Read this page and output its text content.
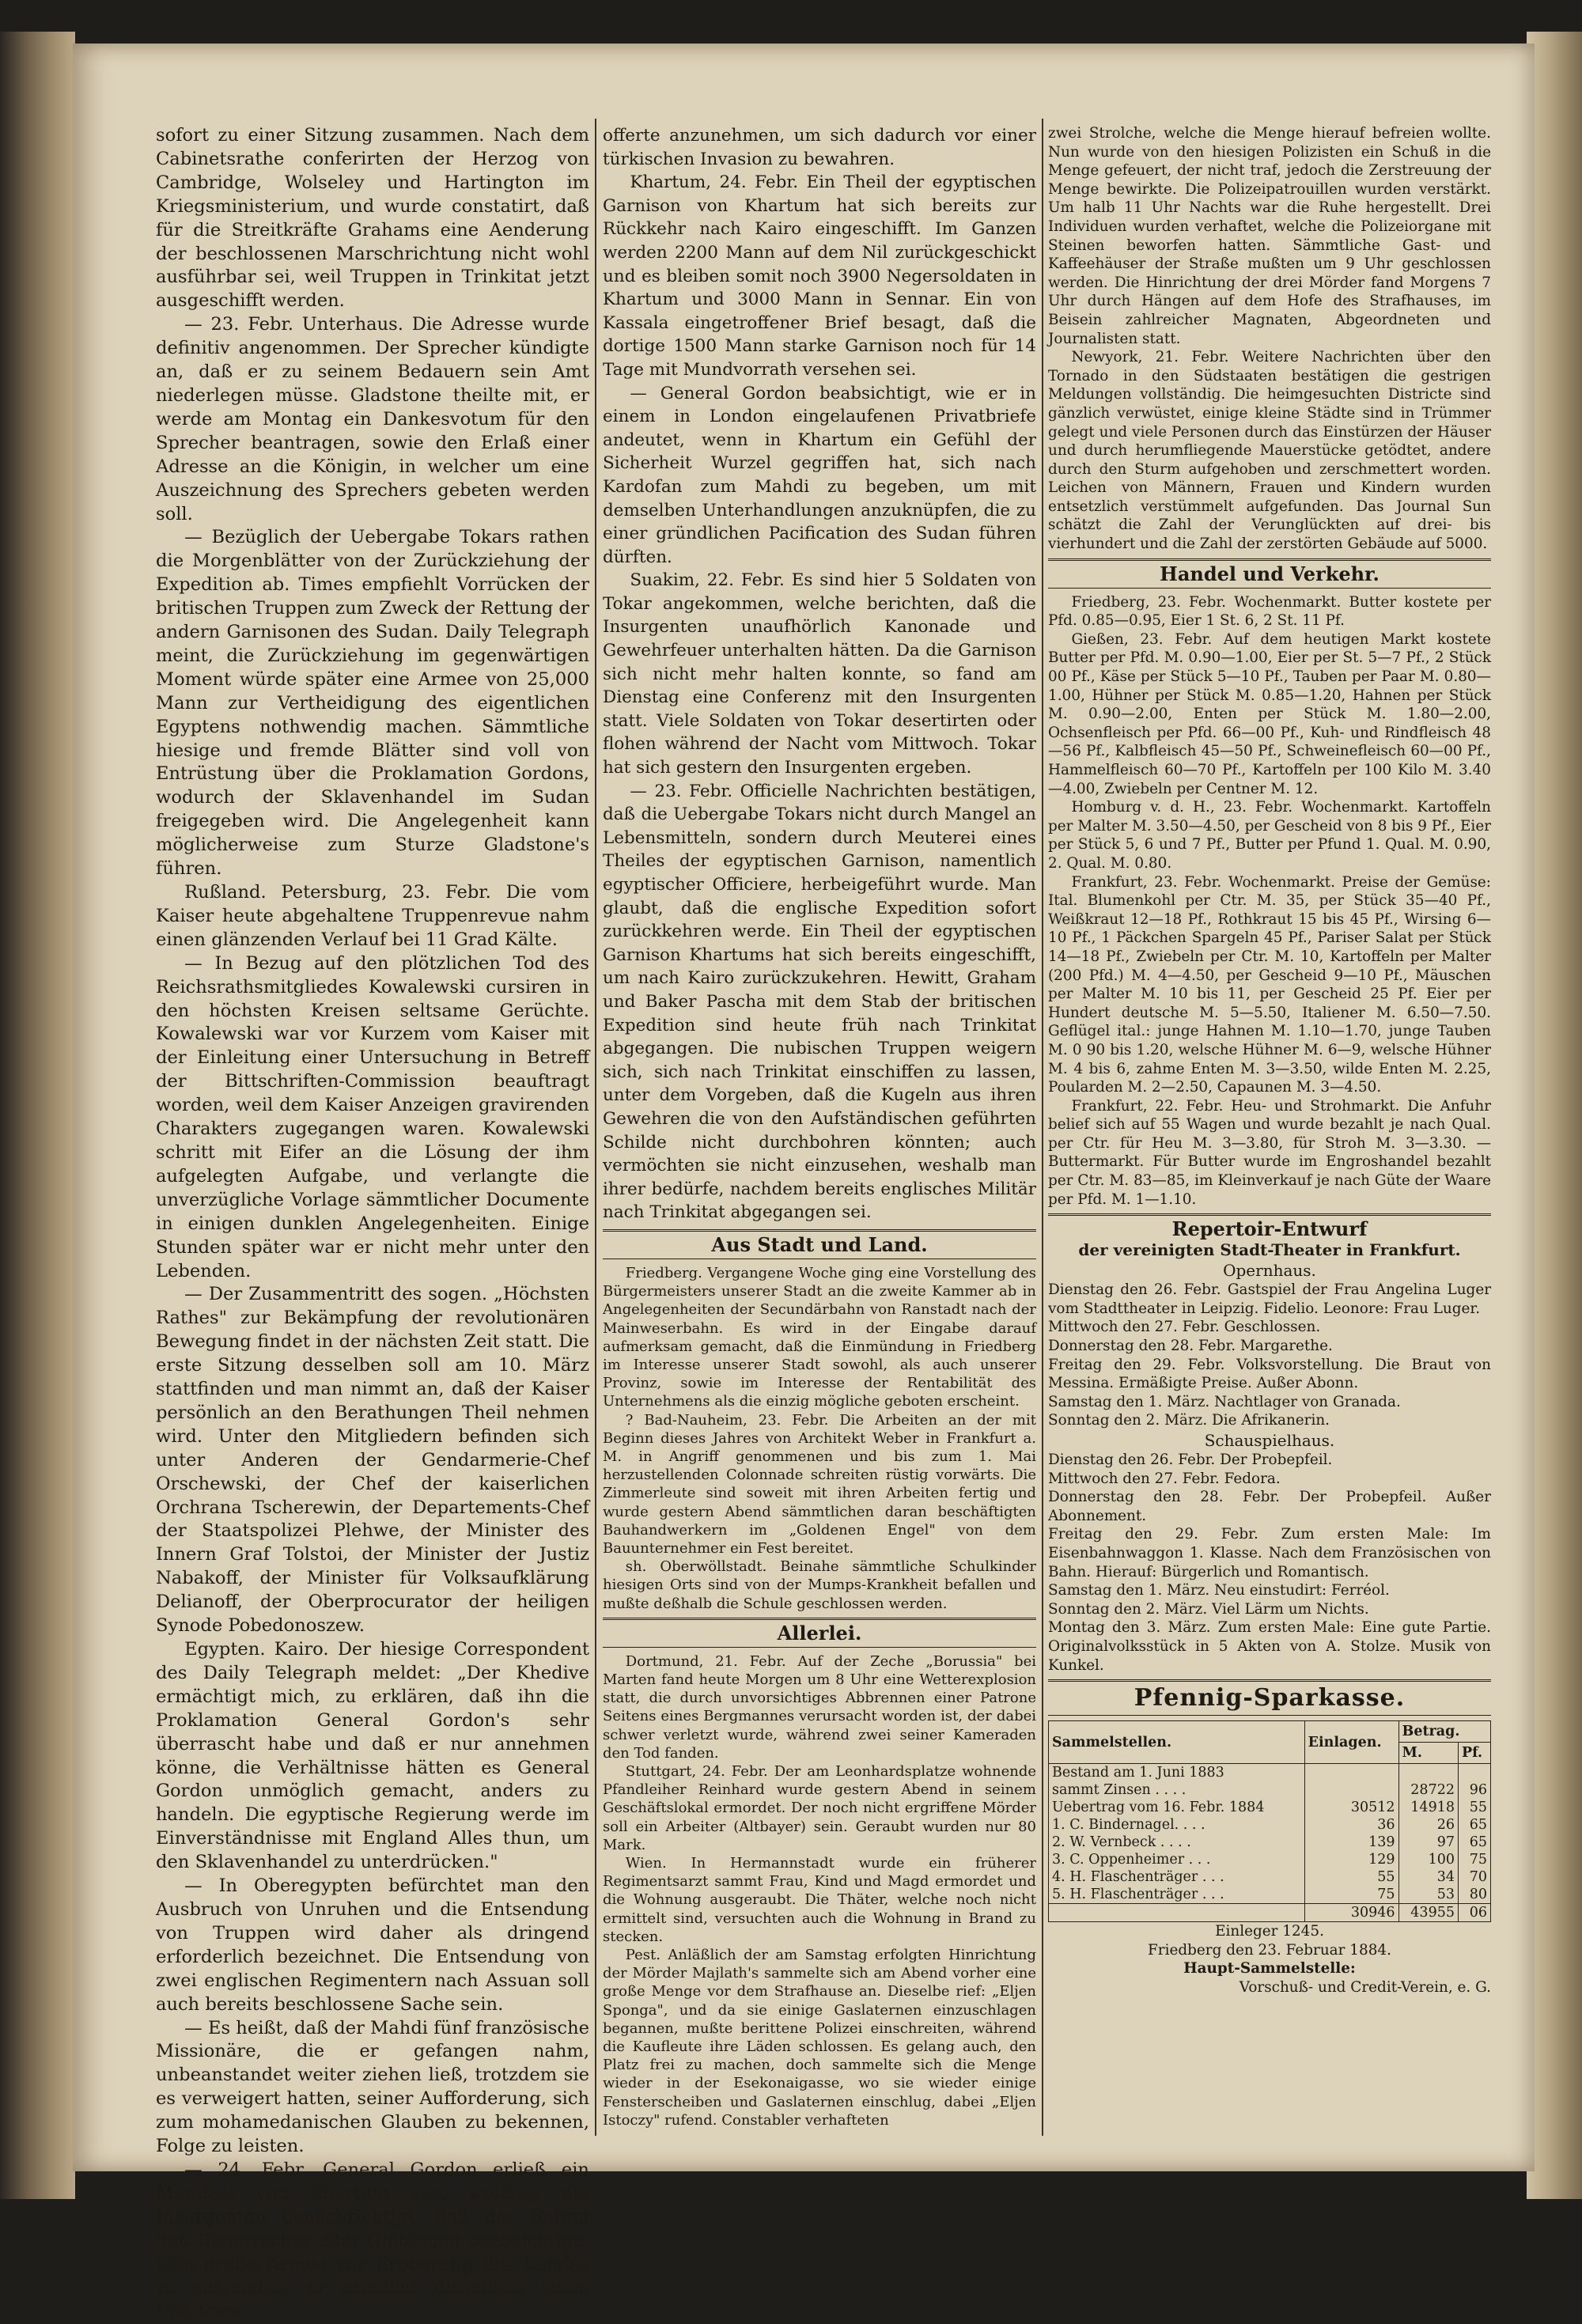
sofort zu einer Sitzung zusammen. Nach dem Cabinetsrathe conferirten der Herzog von Cambridge, Wolseley und Hartington im Kriegsministerium, und wurde constatirt, daß für die Streitkräfte Grahams eine Aenderung der beschlossenen Marschrichtung nicht wohl ausführbar sei, weil Truppen in Trinkitat jetzt ausgeschifft werden.

— 23. Febr. Unterhaus. Die Adresse wurde definitiv angenommen. Der Sprecher kündigte an, daß er zu seinem Bedauern sein Amt niederlegen müsse. Gladstone theilte mit, er werde am Montag ein Dankesvotum für den Sprecher beantragen, sowie den Erlaß einer Adresse an die Königin, in welcher um eine Auszeichnung des Sprechers gebeten werden soll.

— Bezüglich der Uebergabe Tokars rathen die Morgenblätter von der Zurückziehung der Expedition ab. Times empfiehlt Vorrücken der britischen Truppen zum Zweck der Rettung der andern Garnisonen des Sudan. Daily Telegraph meint, die Zurückziehung im gegenwärtigen Moment würde später eine Armee von 25,000 Mann zur Vertheidigung des eigentlichen Egyptens nothwendig machen. Sämmtliche hiesige und fremde Blätter sind voll von Entrüstung über die Proklamation Gordons, wodurch der Sklavenhandel im Sudan freigegeben wird. Die Angelegenheit kann möglicherweise zum Sturze Gladstone's führen.

Rußland. Petersburg, 23. Febr. Die vom Kaiser heute abgehaltene Truppenrevue nahm einen glänzenden Verlauf bei 11 Grad Kälte.

— In Bezug auf den plötzlichen Tod des Reichsrathsmitgliedes Kowalewski cursiren in den höchsten Kreisen seltsame Gerüchte. Kowalewski war vor Kurzem vom Kaiser mit der Einleitung einer Untersuchung in Betreff der Bittschriften-Commission beauftragt worden, weil dem Kaiser Anzeigen gravirenden Charakters zugegangen waren. Kowalewski schritt mit Eifer an die Lösung der ihm aufgelegten Aufgabe, und verlangte die unverzügliche Vorlage sämmtlicher Documente in einigen dunklen Angelegenheiten. Einige Stunden später war er nicht mehr unter den Lebenden.

— Der Zusammentritt des sogen. „Höchsten Rathes" zur Bekämpfung der revolutionären Bewegung findet in der nächsten Zeit statt. Die erste Sitzung desselben soll am 10. März stattfinden und man nimmt an, daß der Kaiser persönlich an den Berathungen Theil nehmen wird. Unter den Mitgliedern befinden sich unter Anderen der Gendarmerie-Chef Orschewski, der Chef der kaiserlichen Orchrana Tscherewin, der Departements-Chef der Staatspolizei Plehwe, der Minister des Innern Graf Tolstoi, der Minister der Justiz Nabakoff, der Minister für Volksaufklärung Delianoff, der Oberprocurator der heiligen Synode Pobedonoszew.

Egypten. Kairo. Der hiesige Correspondent des Daily Telegraph meldet: „Der Khedive ermächtigt mich, zu erklären, daß ihn die Proklamation General Gordon's sehr überrascht habe und daß er nur annehmen könne, die Verhältnisse hätten es General Gordon unmöglich gemacht, anders zu handeln. Die egyptische Regierung werde im Einverständnisse mit England Alles thun, um den Sklavenhandel zu unterdrücken."

— In Oberegypten befürchtet man den Ausbruch von Unruhen und die Entsendung von Truppen wird daher als dringend erforderlich bezeichnet. Die Entsendung von zwei englischen Regimentern nach Assuan soll auch bereits beschlossene Sache sein.

— Es heißt, daß der Mahdi fünf französische Missionäre, die er gefangen nahm, unbeanstandet weiter ziehen ließ, trotzdem sie es verweigert hatten, seiner Aufforderung, sich zum mohamedanischen Glauben zu bekennen, Folge zu leisten.

— 24. Febr. General Gordon erließ ein Manifest von Khartum aus, welches die Insurgenten benachrichtigt, daß der Sultan und Beherrscher aller Gläubigen beabsichtige, eine große Armee zur Eroberung des Landes zu entsenden; er ermahnt dieselben, seine Friedens-

offerte anzunehmen, um sich dadurch vor einer türkischen Invasion zu bewahren.

Khartum, 24. Febr. Ein Theil der egyptischen Garnison von Khartum hat sich bereits zur Rückkehr nach Kairo eingeschifft. Im Ganzen werden 2200 Mann auf dem Nil zurückgeschickt und es bleiben somit noch 3900 Negersoldaten in Khartum und 3000 Mann in Sennar. Ein von Kassala eingetroffener Brief besagt, daß die dortige 1500 Mann starke Garnison noch für 14 Tage mit Mundvorrath versehen sei.

— General Gordon beabsichtigt, wie er in einem in London eingelaufenen Privatbriefe andeutet, wenn in Khartum ein Gefühl der Sicherheit Wurzel gegriffen hat, sich nach Kardofan zum Mahdi zu begeben, um mit demselben Unterhandlungen anzuknüpfen, die zu einer gründlichen Pacification des Sudan führen dürften.

Suakim, 22. Febr. Es sind hier 5 Soldaten von Tokar angekommen, welche berichten, daß die Insurgenten unaufhörlich Kanonade und Gewehrfeuer unterhalten hätten. Da die Garnison sich nicht mehr halten konnte, so fand am Dienstag eine Conferenz mit den Insurgenten statt. Viele Soldaten von Tokar desertirten oder flohen während der Nacht vom Mittwoch. Tokar hat sich gestern den Insurgenten ergeben.

— 23. Febr. Officielle Nachrichten bestätigen, daß die Uebergabe Tokars nicht durch Mangel an Lebensmitteln, sondern durch Meuterei eines Theiles der egyptischen Garnison, namentlich egyptischer Officiere, herbeigeführt wurde. Man glaubt, daß die englische Expedition sofort zurückkehren werde. Ein Theil der egyptischen Garnison Khartums hat sich bereits eingeschifft, um nach Kairo zurückzukehren. Hewitt, Graham und Baker Pascha mit dem Stab der britischen Expedition sind heute früh nach Trinkitat abgegangen. Die nubischen Truppen weigern sich, sich nach Trinkitat einschiffen zu lassen, unter dem Vorgeben, daß die Kugeln aus ihren Gewehren die von den Aufständischen geführten Schilde nicht durchbohren könnten; auch vermöchten sie nicht einzusehen, weshalb man ihrer bedürfe, nachdem bereits englisches Militär nach Trinkitat abgegangen sei.

Aus Stadt und Land.

Friedberg. Vergangene Woche ging eine Vorstellung des Bürgermeisters unserer Stadt an die zweite Kammer ab in Angelegenheiten der Secundärbahn von Ranstadt nach der Mainweserbahn. Es wird in der Eingabe darauf aufmerksam gemacht, daß die Einmündung in Friedberg im Interesse unserer Stadt sowohl, als auch unserer Provinz, sowie im Interesse der Rentabilität des Unternehmens als die einzig mögliche geboten erscheint.

? Bad-Nauheim, 23. Febr. Die Arbeiten an der mit Beginn dieses Jahres von Architekt Weber in Frankfurt a. M. in Angriff genommenen und bis zum 1. Mai herzustellenden Colonnade schreiten rüstig vorwärts. Die Zimmerleute sind soweit mit ihren Arbeiten fertig und wurde gestern Abend sämmtlichen daran beschäftigten Bauhandwerkern im „Goldenen Engel" von dem Bauunternehmer ein Fest bereitet.

sh. Oberwöllstadt. Beinahe sämmtliche Schulkinder hiesigen Orts sind von der Mumps-Krankheit befallen und mußte deßhalb die Schule geschlossen werden.

Allerlei.

Dortmund, 21. Febr. Auf der Zeche „Borussia" bei Marten fand heute Morgen um 8 Uhr eine Wetterexplosion statt, die durch unvorsichtiges Abbrennen einer Patrone Seitens eines Bergmannes verursacht worden ist, der dabei schwer verletzt wurde, während zwei seiner Kameraden den Tod fanden.

Stuttgart, 24. Febr. Der am Leonhardsplatze wohnende Pfandleiher Reinhard wurde gestern Abend in seinem Geschäftslokal ermordet. Der noch nicht ergriffene Mörder soll ein Arbeiter (Altbayer) sein. Geraubt wurden nur 80 Mark.

Wien. In Hermannstadt wurde ein früherer Regimentsarzt sammt Frau, Kind und Magd ermordet und die Wohnung ausgeraubt. Die Thäter, welche noch nicht ermittelt sind, versuchten auch die Wohnung in Brand zu stecken.

Pest. Anläßlich der am Samstag erfolgten Hinrichtung der Mörder Majlath's sammelte sich am Abend vorher eine große Menge vor dem Strafhause an. Dieselbe rief: „Eljen Sponga", und da sie einige Gaslaternen einzuschlagen begannen, mußte berittene Polizei einschreiten, während die Kaufleute ihre Läden schlossen. Es gelang auch, den Platz frei zu machen, doch sammelte sich die Menge wieder in der Esekonaigasse, wo sie wieder einige Fensterscheiben und Gaslaternen einschlug, dabei „Eljen Istoczy" rufend. Constabler verhafteten

zwei Strolche, welche die Menge hierauf befreien wollte. Nun wurde von den hiesigen Polizisten ein Schuß in die Menge gefeuert, der nicht traf, jedoch die Zerstreuung der Menge bewirkte. Die Polizeipatrouillen wurden verstärkt. Um halb 11 Uhr Nachts war die Ruhe hergestellt. Drei Individuen wurden verhaftet, welche die Polizeiorgane mit Steinen beworfen hatten. Sämmtliche Gast- und Kaffeehäuser der Straße mußten um 9 Uhr geschlossen werden. Die Hinrichtung der drei Mörder fand Morgens 7 Uhr durch Hängen auf dem Hofe des Strafhauses, im Beisein zahlreicher Magnaten, Abgeordneten und Journalisten statt.

Newyork, 21. Febr. Weitere Nachrichten über den Tornado in den Südstaaten bestätigen die gestrigen Meldungen vollständig. Die heimgesuchten Districte sind gänzlich verwüstet, einige kleine Städte sind in Trümmer gelegt und viele Personen durch das Einstürzen der Häuser und durch herumfliegende Mauerstücke getödtet, andere durch den Sturm aufgehoben und zerschmettert worden. Leichen von Männern, Frauen und Kindern wurden entsetzlich verstümmelt aufgefunden. Das Journal Sun schätzt die Zahl der Verunglückten auf drei- bis vierhundert und die Zahl der zerstörten Gebäude auf 5000.

Handel und Verkehr.

Friedberg, 23. Febr. Wochenmarkt. Butter kostete per Pfd. 0.85—0.95, Eier 1 St. 6, 2 St. 11 Pf.

Gießen, 23. Febr. Auf dem heutigen Markt kostete Butter per Pfd. M. 0.90—1.00, Eier per St. 5—7 Pf., 2 Stück 00 Pf., Käse per Stück 5—10 Pf., Tauben per Paar M. 0.80—1.00, Hühner per Stück M. 0.85—1.20, Hahnen per Stück M. 0.90—2.00, Enten per Stück M. 1.80—2.00, Ochsenfleisch per Pfd. 66—00 Pf., Kuh- und Rindfleisch 48—56 Pf., Kalbfleisch 45—50 Pf., Schweinefleisch 60—00 Pf., Hammelfleisch 60—70 Pf., Kartoffeln per 100 Kilo M. 3.40—4.00, Zwiebeln per Centner M. 12.

Homburg v. d. H., 23. Febr. Wochenmarkt. Kartoffeln per Malter M. 3.50—4.50, per Gescheid von 8 bis 9 Pf., Eier per Stück 5, 6 und 7 Pf., Butter per Pfund 1. Qual. M. 0.90, 2. Qual. M. 0.80.

Frankfurt, 23. Febr. Wochenmarkt. Preise der Gemüse: Ital. Blumenkohl per Ctr. M. 35, per Stück 35—40 Pf., Weißkraut 12—18 Pf., Rothkraut 15 bis 45 Pf., Wirsing 6—10 Pf., 1 Päckchen Spargeln 45 Pf., Pariser Salat per Stück 14—18 Pf., Zwiebeln per Ctr. M. 10, Kartoffeln per Malter (200 Pfd.) M. 4—4.50, per Gescheid 9—10 Pf., Mäuschen per Malter M. 10 bis 11, per Gescheid 25 Pf. Eier per Hundert deutsche M. 5—5.50, Italiener M. 6.50—7.50. Geflügel ital.: junge Hahnen M. 1.10—1.70, junge Tauben M. 0 90 bis 1.20, welsche Hühner M. 6—9, welsche Hühner M. 4 bis 6, zahme Enten M. 3—3.50, wilde Enten M. 2.25, Poularden M. 2—2.50, Capaunen M. 3—4.50.

Frankfurt, 22. Febr. Heu- und Strohmarkt. Die Anfuhr belief sich auf 55 Wagen und wurde bezahlt je nach Qual. per Ctr. für Heu M. 3—3.80, für Stroh M. 3—3.30. — Buttermarkt. Für Butter wurde im Engroshandel bezahlt per Ctr. M. 83—85, im Kleinverkauf je nach Güte der Waare per Pfd. M. 1—1.10.

Repertoir-Entwurf
der vereinigten Stadt-Theater in Frankfurt.
Opernhaus.

Dienstag den 26. Febr. Gastspiel der Frau Angelina Luger vom Stadttheater in Leipzig. Fidelio. Leonore: Frau Luger.

Mittwoch den 27. Febr. Geschlossen.

Donnerstag den 28. Febr. Margarethe.

Freitag den 29. Febr. Volksvorstellung. Die Braut von Messina. Ermäßigte Preise. Außer Abonn.

Samstag den 1. März. Nachtlager von Granada.

Sonntag den 2. März. Die Afrikanerin.

Schauspielhaus.

Dienstag den 26. Febr. Der Probepfeil.

Mittwoch den 27. Febr. Fedora.

Donnerstag den 28. Febr. Der Probepfeil. Außer Abonnement.

Freitag den 29. Febr. Zum ersten Male: Im Eisenbahnwaggon 1. Klasse. Nach dem Französischen von Bahn. Hierauf: Bürgerlich und Romantisch.

Samstag den 1. März. Neu einstudirt: Ferréol.

Sonntag den 2. März. Viel Lärm um Nichts.

Montag den 3. März. Zum ersten Male: Eine gute Partie. Originalvolksstück in 5 Akten von A. Stolze. Musik von Kunkel.

Pfennig-Sparkasse.
Sammelstellen.	Einlagen.	Betrag.	
		M.	Pf.
Bestand am 1. Juni 1883			
sammt Zinsen . . . .		28722	96
Uebertrag vom 16. Febr. 1884	30512	14918	55
1. C. Bindernagel. . . .	36	26	65
2. W. Vernbeck . . . .	139	97	65
3. C. Oppenheimer . . .	129	100	75
4. H. Flaschenträger . . .	55	34	70
5. H. Flaschenträger . . .	75	53	80
	30946	43955	06

Einleger 1245.

Friedberg den 23. Februar 1884.

Haupt-Sammelstelle:

Vorschuß- und Credit-Verein, e. G.
